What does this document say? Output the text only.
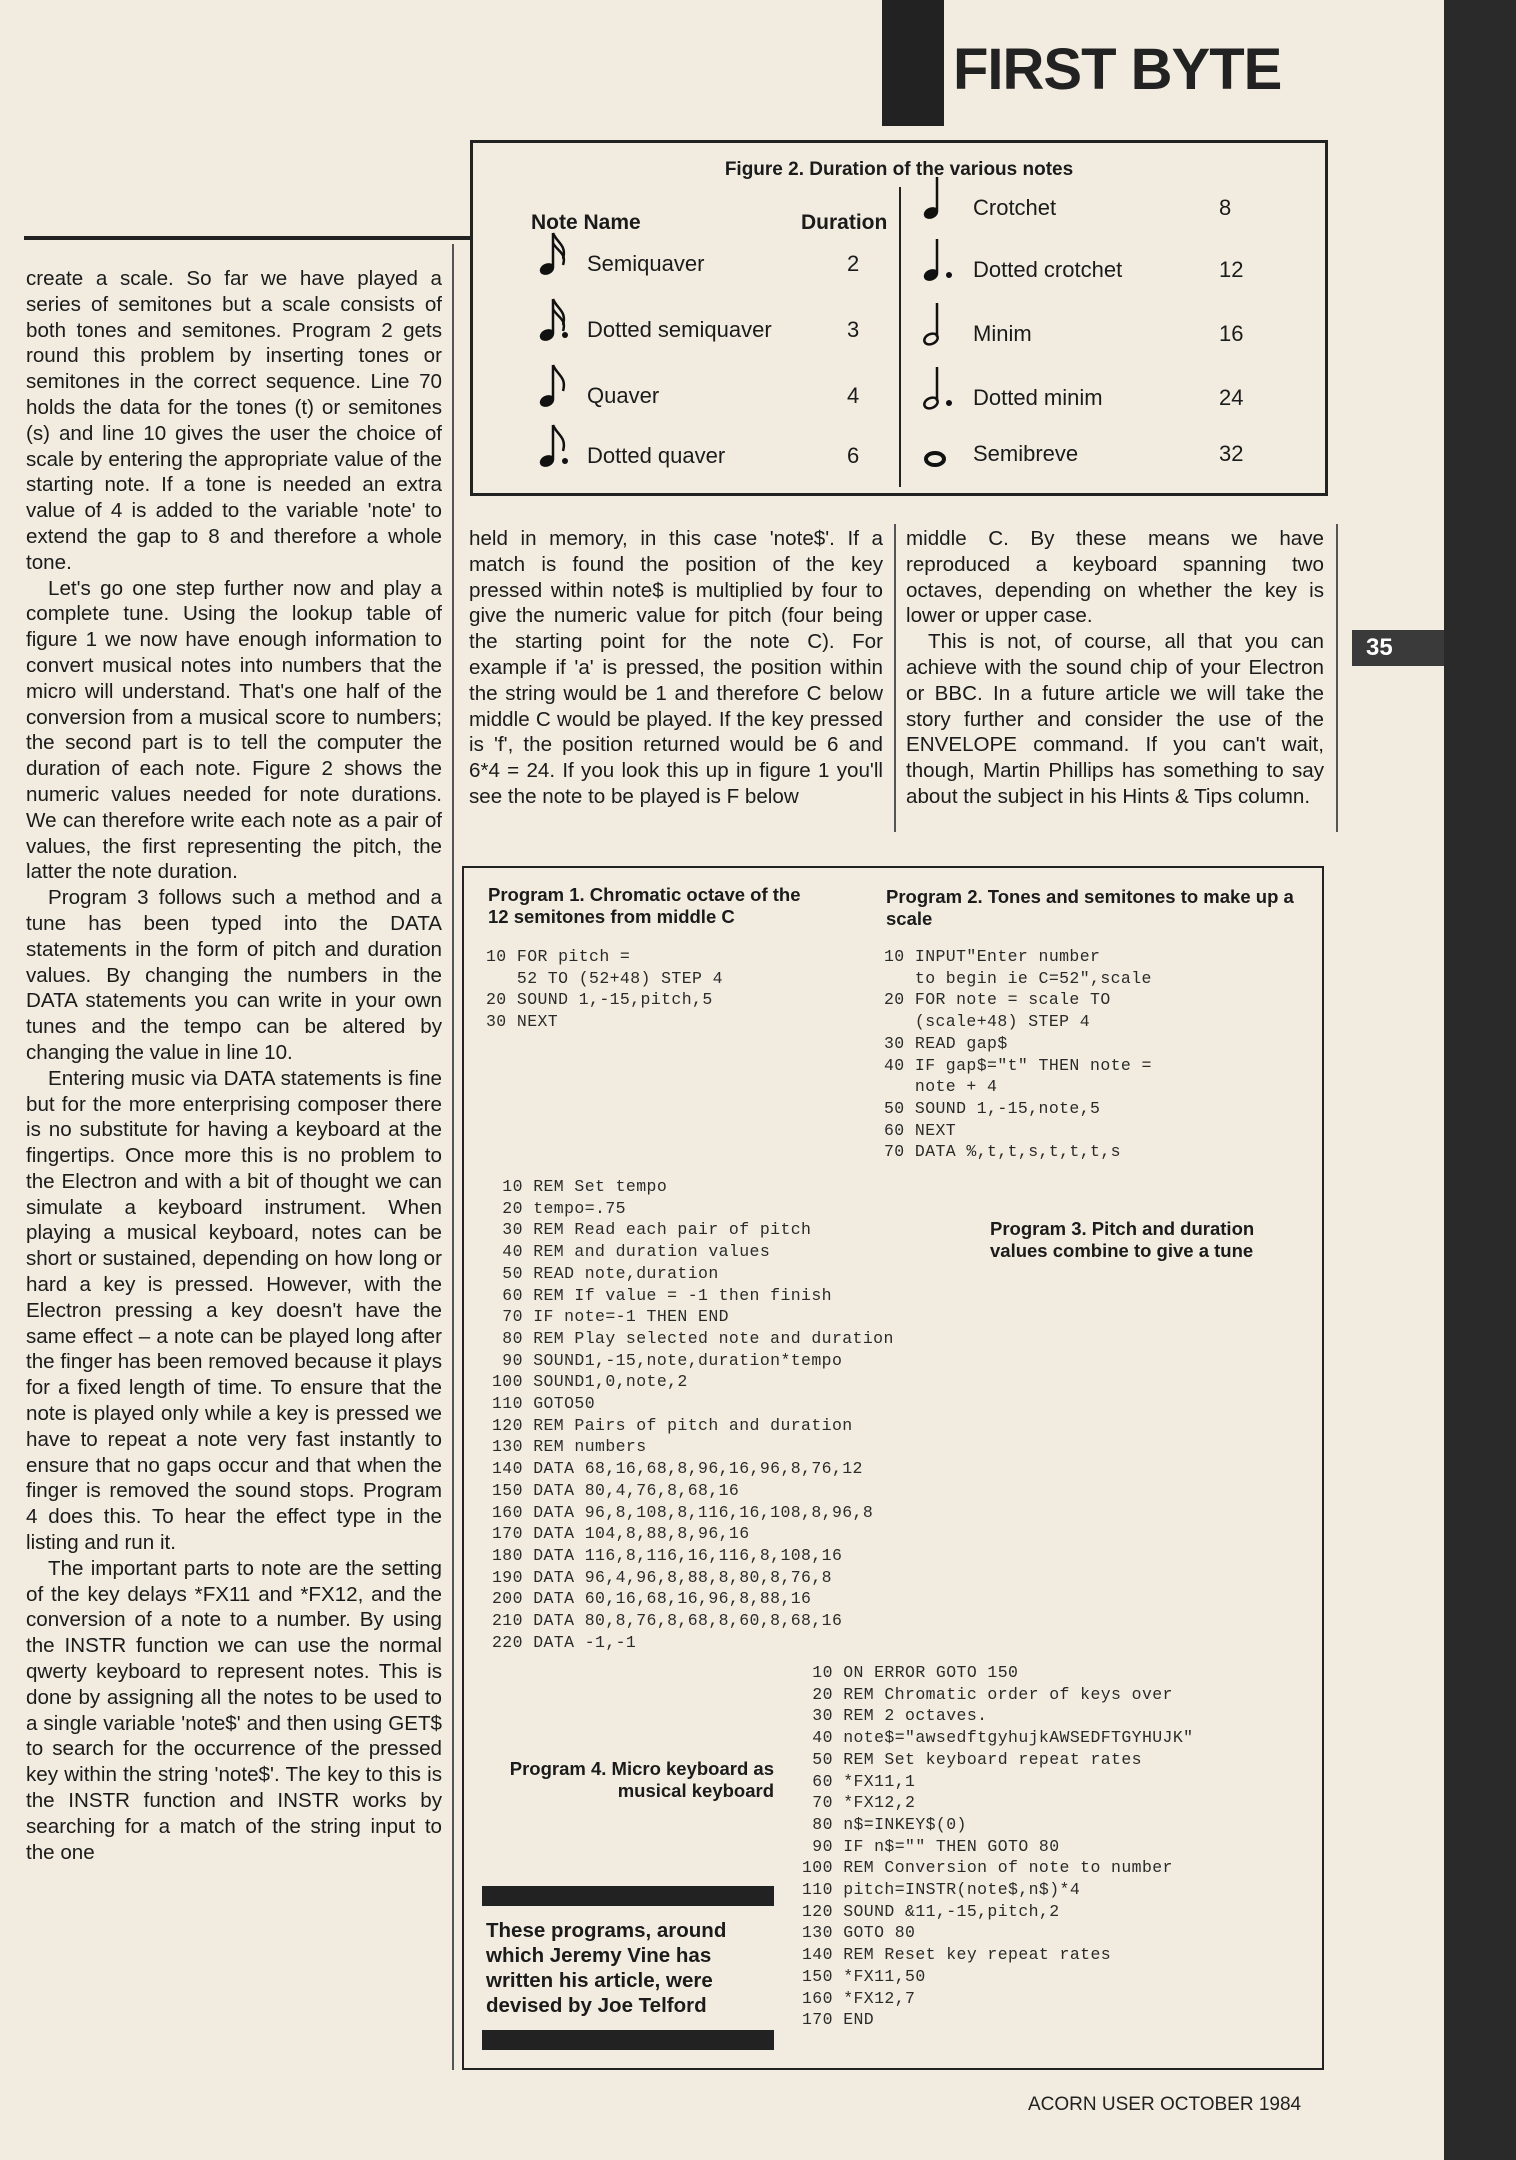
FIRST BYTE
35
Figure 2. Duration of the various notes
Note Name	Duration
Semiquaver	2
Dotted semiquaver	3
Quaver	4
Dotted quaver	6
Crotchet	8
Dotted crotchet	12
Minim	16
Dotted minim	24
Semibreve	32

create a scale. So far we have played a series of semitones but a scale consists of both tones and semitones. Program 2 gets round this problem by inserting tones or semitones in the correct sequence. Line 70 holds the data for the tones (t) or semitones (s) and line 10 gives the user the choice of scale by entering the appropriate value of the starting note. If a tone is needed an extra value of 4 is added to the variable 'note' to extend the gap to 8 and therefore a whole tone.

Let's go one step further now and play a complete tune. Using the lookup table of figure 1 we now have enough information to convert musical notes into numbers that the micro will understand. That's one half of the conversion from a musical score to numbers; the second part is to tell the computer the duration of each note. Figure 2 shows the numeric values needed for note durations. We can therefore write each note as a pair of values, the first representing the pitch, the latter the note duration.

Program 3 follows such a method and a tune has been typed into the DATA statements in the form of pitch and duration values. By changing the numbers in the DATA statements you can write in your own tunes and the tempo can be altered by changing the value in line 10.

Entering music via DATA statements is fine but for the more enterprising composer there is no substitute for having a keyboard at the fingertips. Once more this is no problem to the Electron and with a bit of thought we can simulate a keyboard instrument. When playing a musical keyboard, notes can be short or sustained, depending on how long or hard a key is pressed. However, with the Electron pressing a key doesn't have the same effect – a note can be played long after the finger has been removed because it plays for a fixed length of time. To ensure that the note is played only while a key is pressed we have to repeat a note very fast instantly to ensure that no gaps occur and that when the finger is removed the sound stops. Program 4 does this. To hear the effect type in the listing and run it.

The important parts to note are the setting of the key delays *FX11 and *FX12, and the conversion of a note to a number. By using the INSTR function we can use the normal qwerty keyboard to represent notes. This is done by assigning all the notes to be used to a single variable 'note$' and then using GET$ to search for the occurrence of the pressed key within the string 'note$'. The key to this is the INSTR function and INSTR works by searching for a match of the string input to the one

held in memory, in this case 'note$'. If a match is found the position of the key pressed within note$ is multiplied by four to give the numeric value for pitch (four being the starting point for the note C). For example if 'a' is pressed, the position within the string would be 1 and therefore C below middle C would be played. If the key pressed is 'f', the position returned would be 6 and 6*4 = 24. If you look this up in figure 1 you'll see the note to be played is F below

middle C. By these means we have reproduced a keyboard spanning two octaves, depending on whether the key is lower or upper case.

This is not, of course, all that you can achieve with the sound chip of your Electron or BBC. In a future article we will take the story further and consider the use of the ENVELOPE command. If you can't wait, though, Martin Phillips has something to say about the subject in his Hints & Tips column.

Program 1. Chromatic octave of the 12 semitones from middle C
10 FOR pitch =
52 TO (52+48) STEP 4
20 SOUND 1,-15,pitch,5
30 NEXT
Program 2. Tones and semitones to make up a scale
10 INPUT"Enter number
to begin ie C=52",scale
20 FOR note = scale TO
(scale+48) STEP 4
30 READ gap$
40 IF gap$="t" THEN note =
note + 4
50 SOUND 1,-15,note,5
60 NEXT
70 DATA %,t,t,s,t,t,t,s
10 REM Set tempo
20 tempo=.75
30 REM Read each pair of pitch
40 REM and duration values
50 READ note,duration
60 REM If value = -1 then finish
70 IF note=-1 THEN END
80 REM Play selected note and duration
90 SOUND1,-15,note,duration*tempo
100 SOUND1,0,note,2
110 GOTO50
120 REM Pairs of pitch and duration
130 REM numbers
140 DATA 68,16,68,8,96,16,96,8,76,12
150 DATA 80,4,76,8,68,16
160 DATA 96,8,108,8,116,16,108,8,96,8
170 DATA 104,8,88,8,96,16
180 DATA 116,8,116,16,116,8,108,16
190 DATA 96,4,96,8,88,8,80,8,76,8
200 DATA 60,16,68,16,96,8,88,16
210 DATA 80,8,76,8,68,8,60,8,68,16
220 DATA -1,-1
Program 3. Pitch and duration values combine to give a tune
10 ON ERROR GOTO 150
20 REM Chromatic order of keys over
30 REM 2 octaves.
40 note$="awsedftgyhujkAWSEDFTGYHUJK"
50 REM Set keyboard repeat rates
60 *FX11,1
70 *FX12,2
80 n$=INKEY$(0)
90 IF n$="" THEN GOTO 80
100 REM Conversion of note to number
110 pitch=INSTR(note$,n$)*4
120 SOUND &11,-15,pitch,2
130 GOTO 80
140 REM Reset key repeat rates
150 *FX11,50
160 *FX12,7
170 END
Program 4. Micro keyboard as musical keyboard
These programs, around which Jeremy Vine has written his article, were devised by Joe Telford
ACORN USER OCTOBER 1984
